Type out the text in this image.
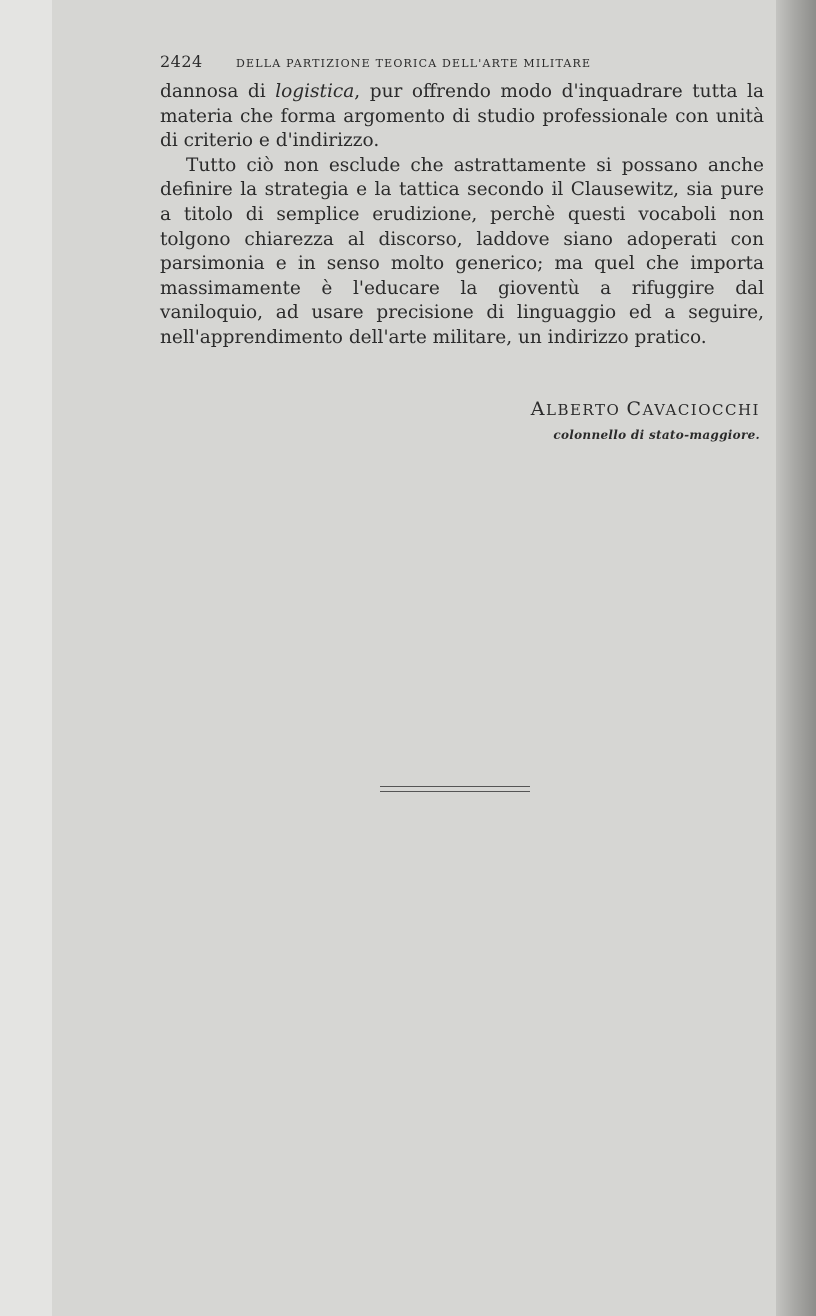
2424	DELLA PARTIZIONE TEORICA DELL'ARTE MILITARE

dannosa di logistica, pur offrendo modo d'inquadrare tutta la materia che forma argomento di studio professionale con unità di criterio e d'indirizzo.

Tutto ciò non esclude che astrattamente si possano anche definire la strategia e la tattica secondo il Clausewitz, sia pure a titolo di semplice erudizione, perchè questi vocaboli non tolgono chiarezza al discorso, laddove siano adoperati con parsimonia e in senso molto generico; ma quel che importa massimamente è l'educare la gioventù a rifuggire dal vaniloquio, ad usare precisione di linguaggio ed a seguire, nell'apprendimento dell'arte militare, un indirizzo pratico.

ALBERTO CAVACIOCCHI
colonnello di stato-maggiore.
